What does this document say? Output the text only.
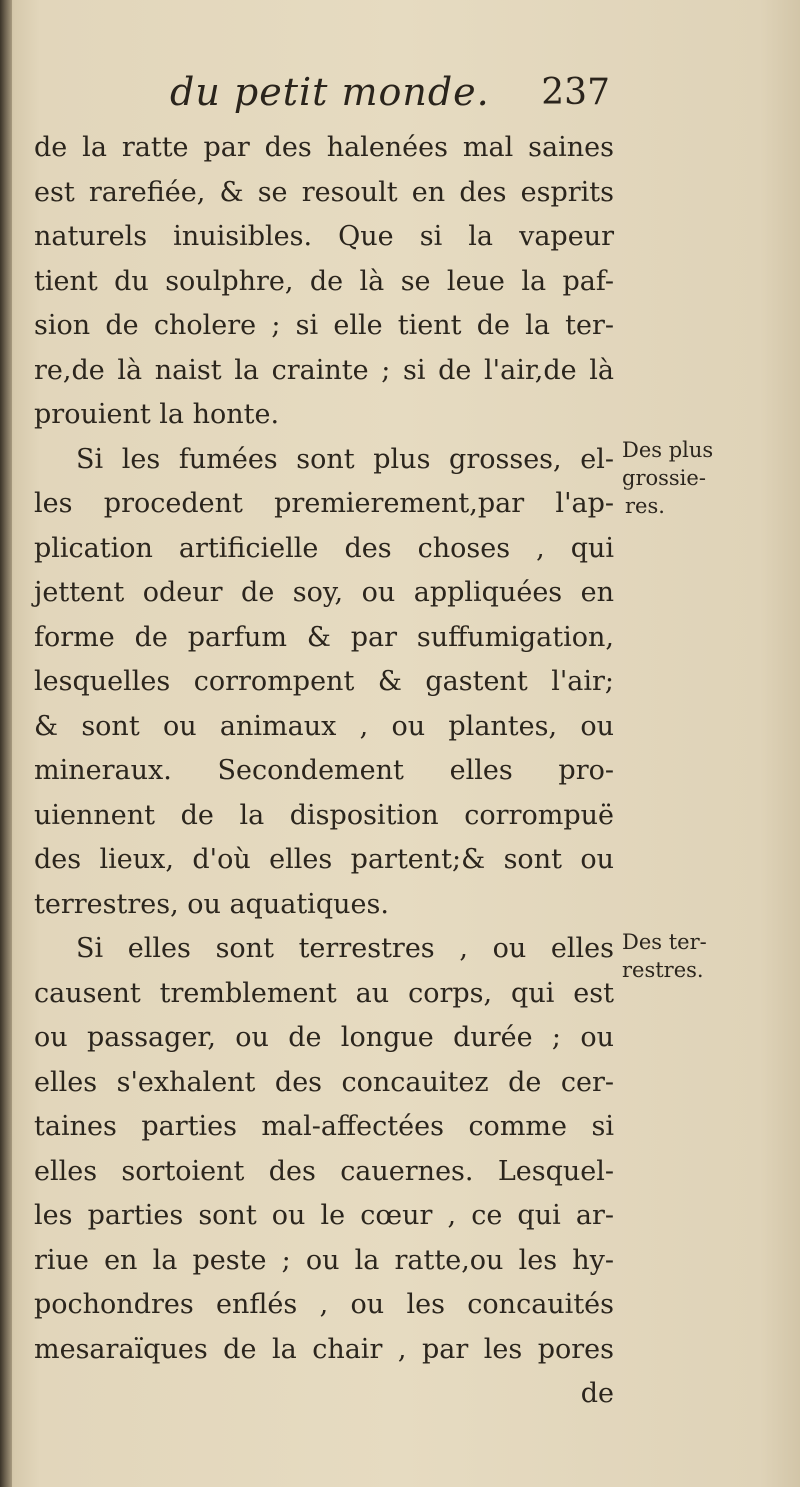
du petit monde. 237
de la ratte par des halenées mal saines
est rarefiée, & se resoult en des esprits
naturels inuisibles. Que si la vapeur
tient du soulphre, de là se leue la paf-
sion de cholere ; si elle tient de la ter-
re,de là naist la crainte ; si de l'air,de là
prouient la honte.
Si les fumées sont plus grosses, el-
les procedent premierement,par l'ap-
plication artificielle des choses , qui
jettent odeur de soy, ou appliquées en
forme de parfum & par suffumigation,
lesquelles corrompent & gastent l'air;
& sont ou animaux , ou plantes, ou
mineraux. Secondement elles pro-
uiennent de la disposition corrompuë
des lieux, d'où elles partent;& sont ou
terrestres, ou aquatiques.
Si elles sont terrestres , ou elles
causent tremblement au corps, qui est
ou passager, ou de longue durée ; ou
elles s'exhalent des concauitez de cer-
taines parties mal-affectées comme si
elles sortoient des cauernes. Lesquel-
les parties sont ou le cœur , ce qui ar-
riue en la peste ; ou la ratte,ou les hy-
pochondres enflés , ou les concauités
mesaraïques de la chair , par les pores
de
Des plus
grossie-
res.
Des ter-
restres.
